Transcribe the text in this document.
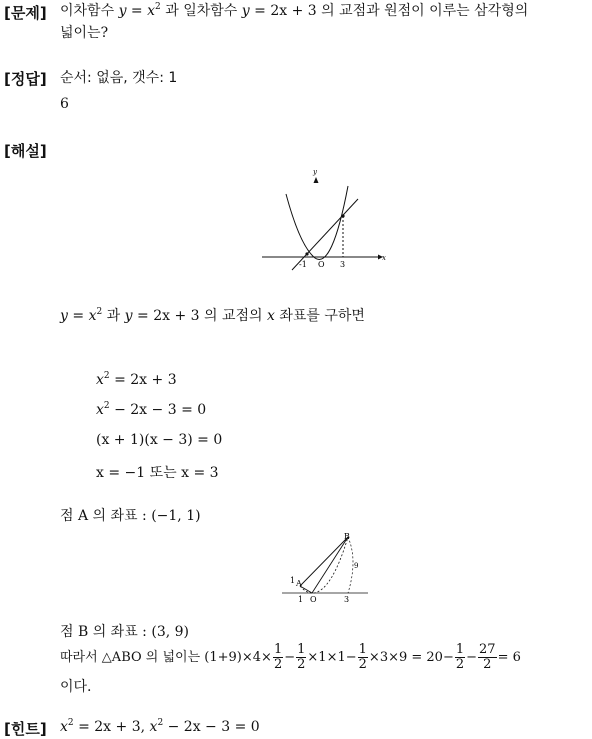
[문제] 이차함수 $y = x^2$ 과 일차함수 y = 2x + 3 의 교점과 원점이 이루는 삼각형의
넓이는?
[정답] 순서: 없음, 갯수: 1
6
[해설]
x
y
-1 O 3
$y = x^2$ 과 y = 2x + 3 의 교점의 x 좌표를 구하면
$x^2 = 2x + 3$
$x^2 - 2x - 3 = 0$
(x + 1)(x − 3) = 0
x = −1 또는 x = 3
점 A 의 좌표 : (−1, 1)
1 A
B
9
1 O	3
점 B 의 좌표 : (3, 9)
따라서 △ABO 의 넓이는 $(1+9)\times 4\times \frac{1}{2} - \frac{1}{2} \times 1\times 1- \frac{1}{2} \times 3\times 9 = 20- \frac{1}{2} - \frac{27}{2} = 6$
이다.
[힌트] $x^2 = 2x + 3$, $x^2 - 2x - 3 = 0$
